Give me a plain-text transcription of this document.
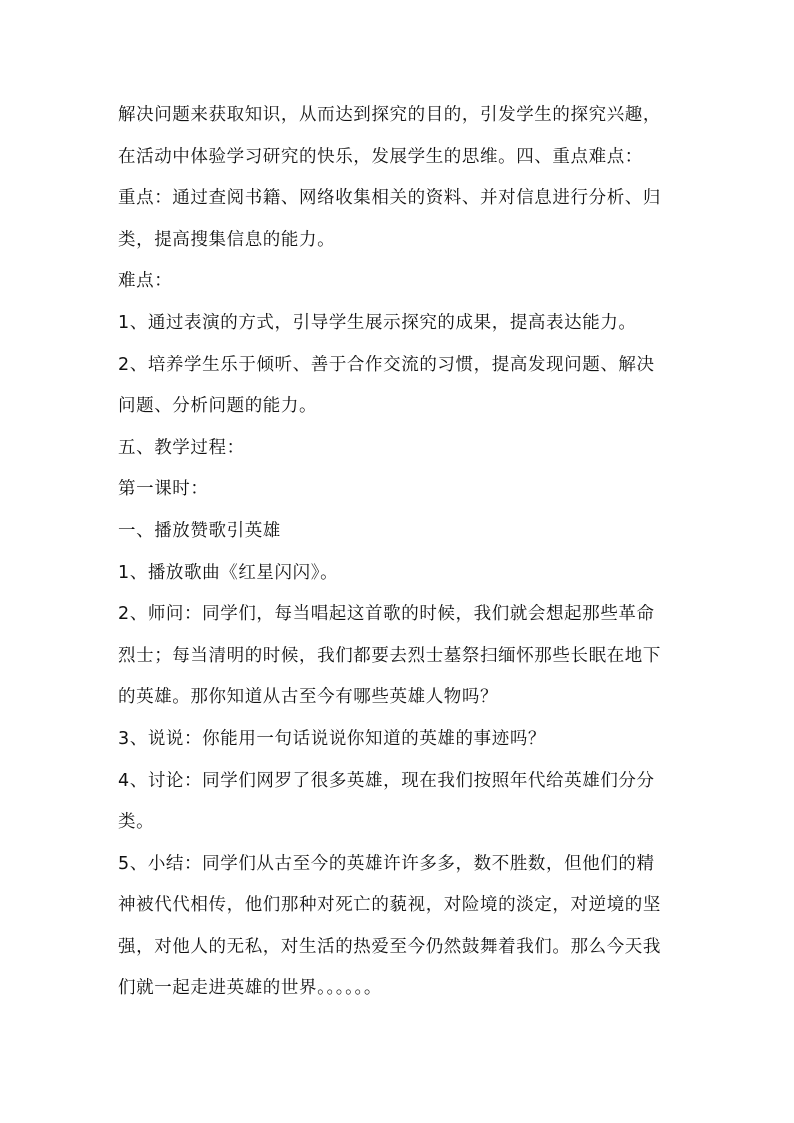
解决问题来获取知识，从而达到探究的目的，引发学生的探究兴趣，
在活动中体验学习研究的快乐，发展学生的思维。四、重点难点：
重点：通过查阅书籍、网络收集相关的资料、并对信息进行分析、归
类，提高搜集信息的能力。
难点：
1、通过表演的方式，引导学生展示探究的成果，提高表达能力。
2、培养学生乐于倾听、善于合作交流的习惯，提高发现问题、解决
问题、分析问题的能力。
五、教学过程：
第一课时：
一、播放赞歌引英雄
1、播放歌曲《红星闪闪》。
2、师问：同学们，每当唱起这首歌的时候，我们就会想起那些革命
烈士；每当清明的时候，我们都要去烈士墓祭扫缅怀那些长眠在地下
的英雄。那你知道从古至今有哪些英雄人物吗？
3、说说：你能用一句话说说你知道的英雄的事迹吗？
4、讨论：同学们网罗了很多英雄，现在我们按照年代给英雄们分分
类。
5、小结：同学们从古至今的英雄许许多多，数不胜数，但他们的精
神被代代相传，他们那种对死亡的藐视，对险境的淡定，对逆境的坚
强，对他人的无私，对生活的热爱至今仍然鼓舞着我们。那么今天我
们就一起走进英雄的世界。。。。。。
